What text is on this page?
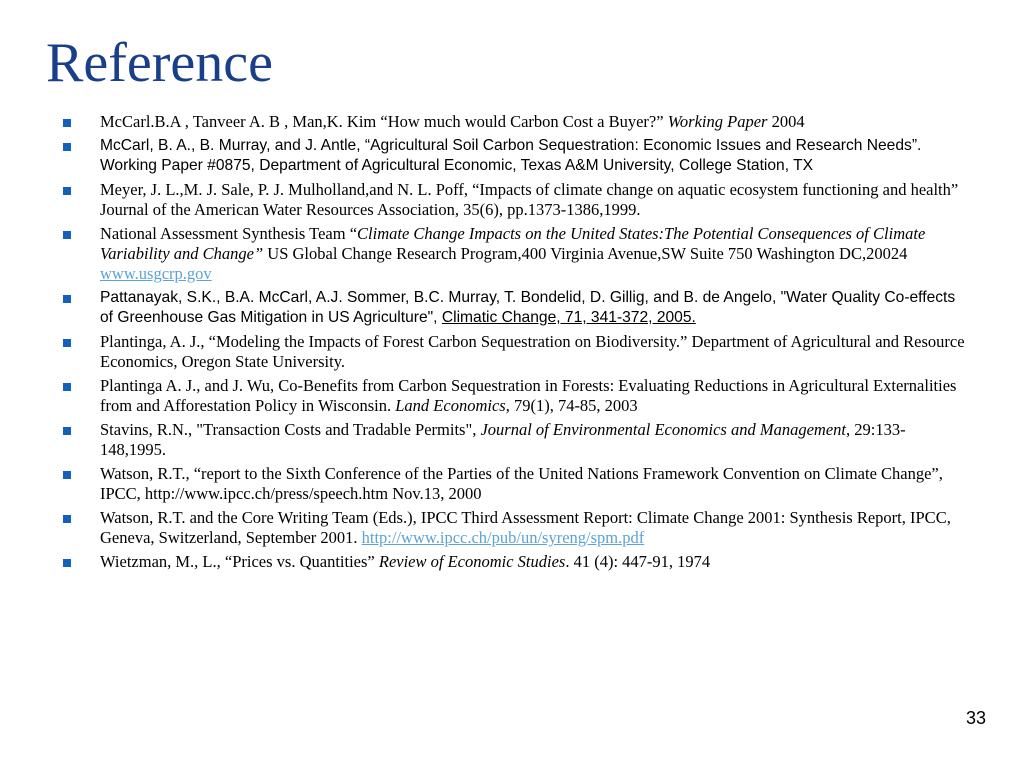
Reference
McCarl.B.A , Tanveer A. B , Man,K. Kim “How much would Carbon Cost a Buyer?” Working Paper 2004
McCarl, B. A., B. Murray, and J. Antle, “Agricultural Soil Carbon Sequestration: Economic Issues and Research Needs”. Working Paper #0875, Department of Agricultural Economic, Texas A&M University, College Station, TX
Meyer, J. L.,M. J. Sale, P. J. Mulholland,and N. L. Poff, “Impacts of climate change on aquatic ecosystem functioning and health” Journal of the American Water Resources Association, 35(6), pp.1373-1386,1999.
National Assessment Synthesis Team “Climate Change Impacts on the United States:The Potential Consequences of Climate Variability and Change” US Global Change Research Program,400 Virginia Avenue,SW Suite 750 Washington DC,20024 www.usgcrp.gov
Pattanayak, S.K., B.A. McCarl, A.J. Sommer, B.C. Murray, T. Bondelid, D. Gillig, and B. de Angelo, "Water Quality Co-effects of Greenhouse Gas Mitigation in US Agriculture", Climatic Change, 71, 341-372, 2005.
Plantinga, A. J., “Modeling the Impacts of Forest Carbon Sequestration on Biodiversity.” Department of Agricultural and Resource Economics, Oregon State University.
Plantinga A. J., and J. Wu, Co-Benefits from Carbon Sequestration in Forests: Evaluating Reductions in Agricultural Externalities from and Afforestation Policy in Wisconsin. Land Economics, 79(1), 74-85, 2003
Stavins, R.N., "Transaction Costs and Tradable Permits", Journal of Environmental Economics and Management, 29:133-148,1995.
Watson, R.T., “report to the Sixth Conference of the Parties of the United Nations Framework Convention on Climate Change”, IPCC, http://www.ipcc.ch/press/speech.htm Nov.13, 2000
Watson, R.T. and the Core Writing Team (Eds.), IPCC Third Assessment Report: Climate Change 2001: Synthesis Report, IPCC, Geneva, Switzerland, September 2001. http://www.ipcc.ch/pub/un/syreng/spm.pdf
Wietzman, M., L., “Prices vs. Quantities” Review of Economic Studies. 41 (4): 447-91, 1974
33
